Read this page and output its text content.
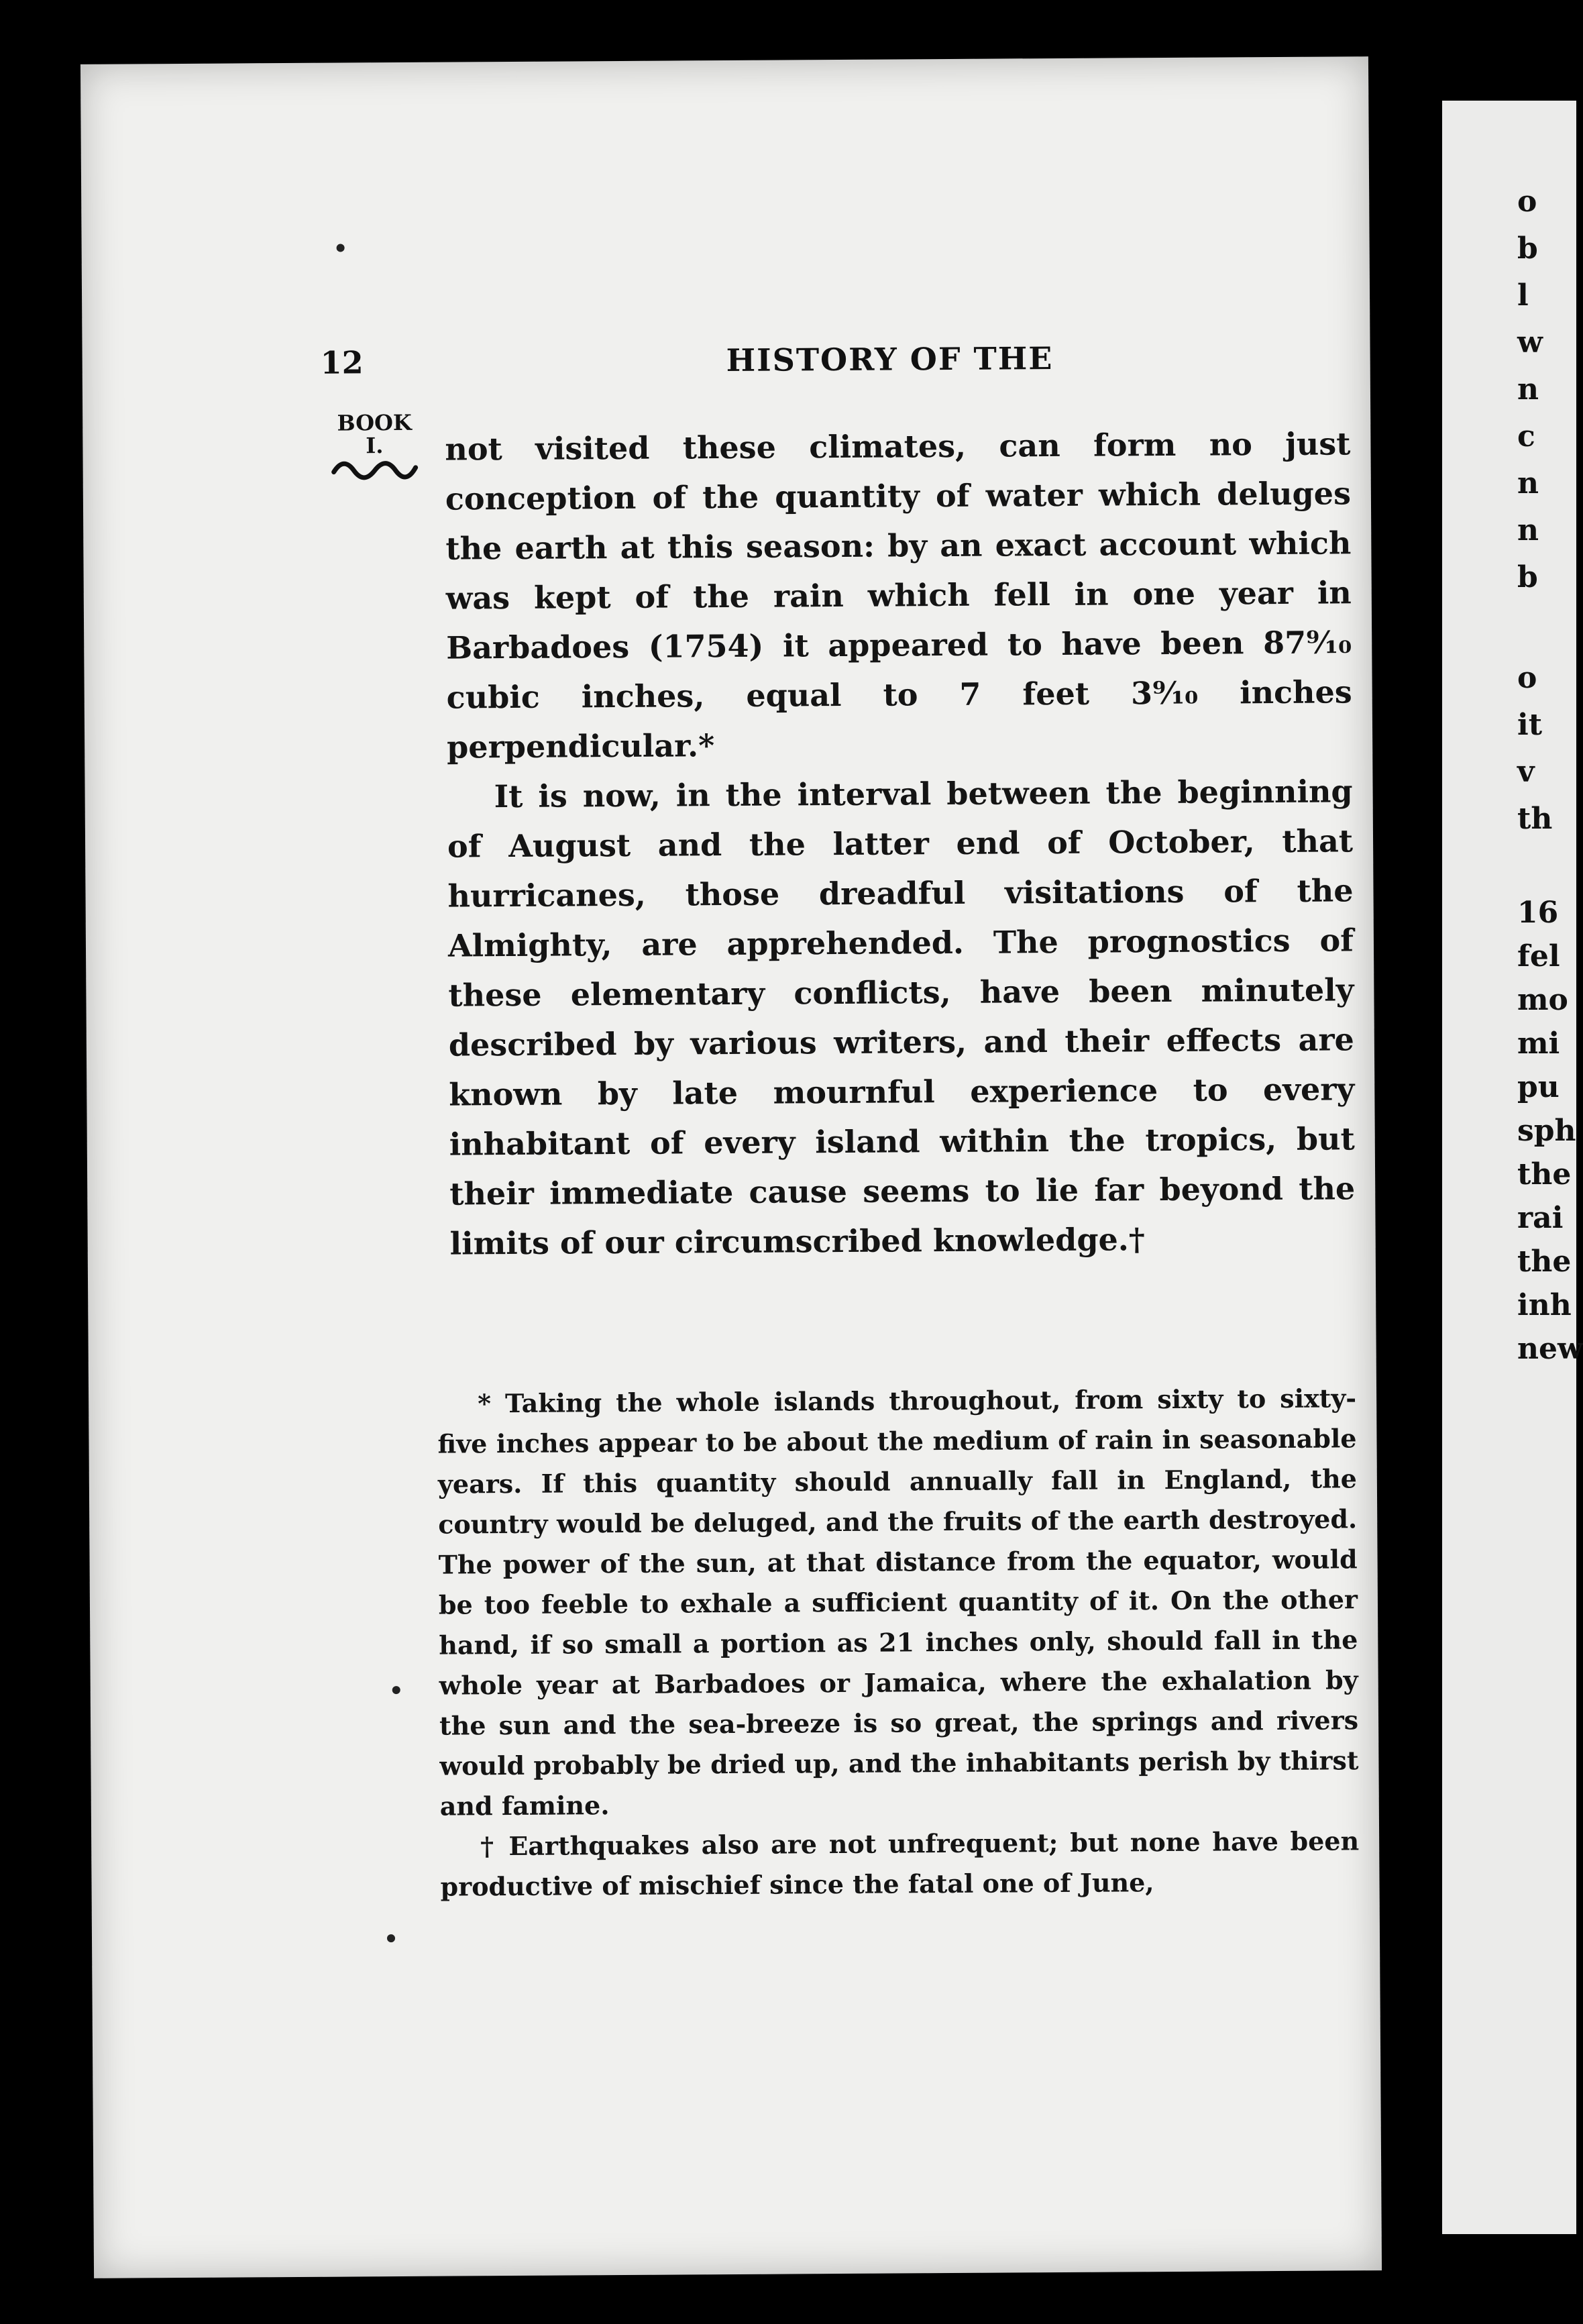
o

b

l

w

n

c

n

n

b

o

it

v

th

16

fel

mo

mi

pu

sph

the

rai

the

inh

new

12	HISTORY OF THE
BOOK
I.	not visited these climates, can form no just conception of the quantity of water which deluges the earth at this season: by an exact account which was kept of the rain which fell in one year in Barbadoes (1754) it appeared to have been 87⁹⁄₁₀ cubic inches, equal to 7 feet 3⁹⁄₁₀ inches perpendicular.*

It is now, in the interval between the beginning of August and the latter end of October, that hurricanes, those dreadful visitations of the Almighty, are apprehended. The prognostics of these elementary conflicts, have been minutely described by various writers, and their effects are known by late mournful experience to every inhabitant of every island within the tropics, but their immediate cause seems to lie far beyond the limits of our circumscribed knowledge.†

* Taking the whole islands throughout, from sixty to sixty-five inches appear to be about the medium of rain in seasonable years. If this quantity should annually fall in England, the country would be deluged, and the fruits of the earth destroyed. The power of the sun, at that distance from the equator, would be too feeble to exhale a sufficient quantity of it. On the other hand, if so small a portion as 21 inches only, should fall in the whole year at Barbadoes or Jamaica, where the exhalation by the sun and the sea-breeze is so great, the springs and rivers would probably be dried up, and the inhabitants perish by thirst and famine.

† Earthquakes also are not unfrequent; but none have been productive of mischief since the fatal one of June,
